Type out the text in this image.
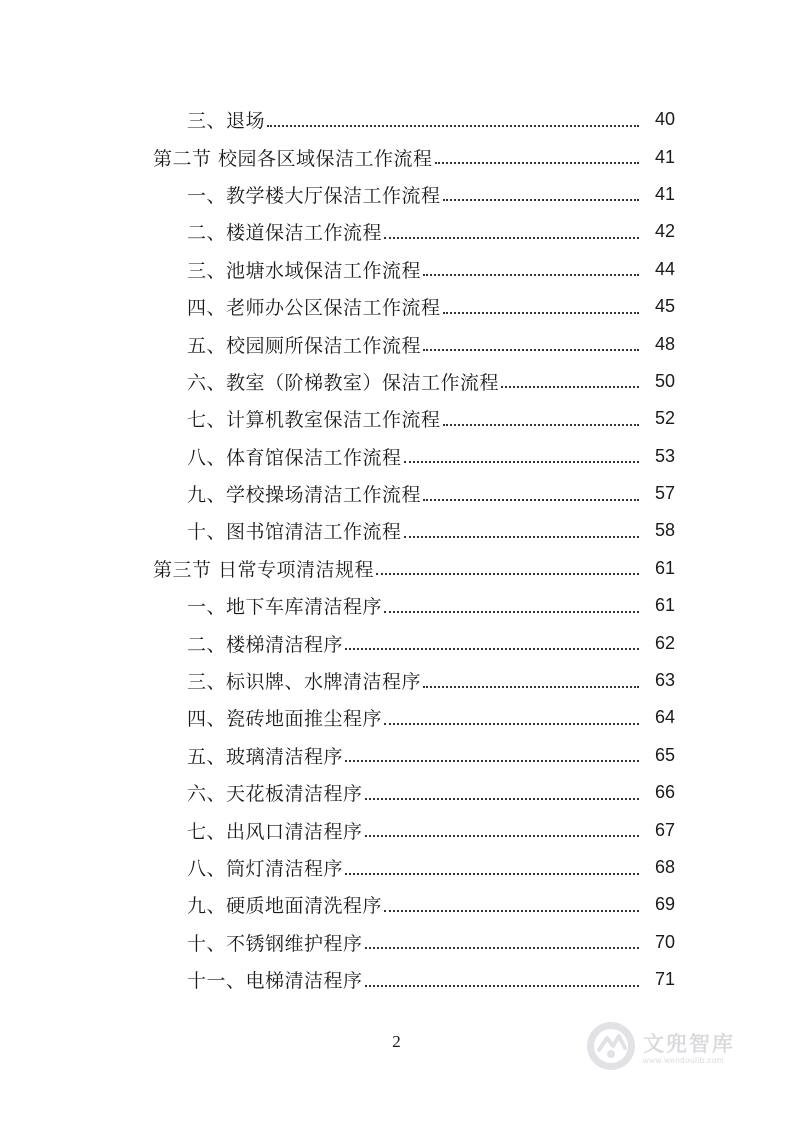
三、退场	40
第二节 校园各区域保洁工作流程	41
一、教学楼大厅保洁工作流程	41
二、楼道保洁工作流程	42
三、池塘水域保洁工作流程	44
四、老师办公区保洁工作流程	45
五、校园厕所保洁工作流程	48
六、教室（阶梯教室）保洁工作流程	50
七、计算机教室保洁工作流程	52
八、体育馆保洁工作流程	53
九、学校操场清洁工作流程	57
十、图书馆清洁工作流程	58
第三节 日常专项清洁规程	61
一、地下车库清洁程序	61
二、楼梯清洁程序	62
三、标识牌、水牌清洁程序	63
四、瓷砖地面推尘程序	64
五、玻璃清洁程序	65
六、天花板清洁程序	66
七、出风口清洁程序	67
八、筒灯清洁程序	68
九、硬质地面清洗程序	69
十、不锈钢维护程序	70
十一、电梯清洁程序	71
2	文兜智库
www.wendoulib.com
